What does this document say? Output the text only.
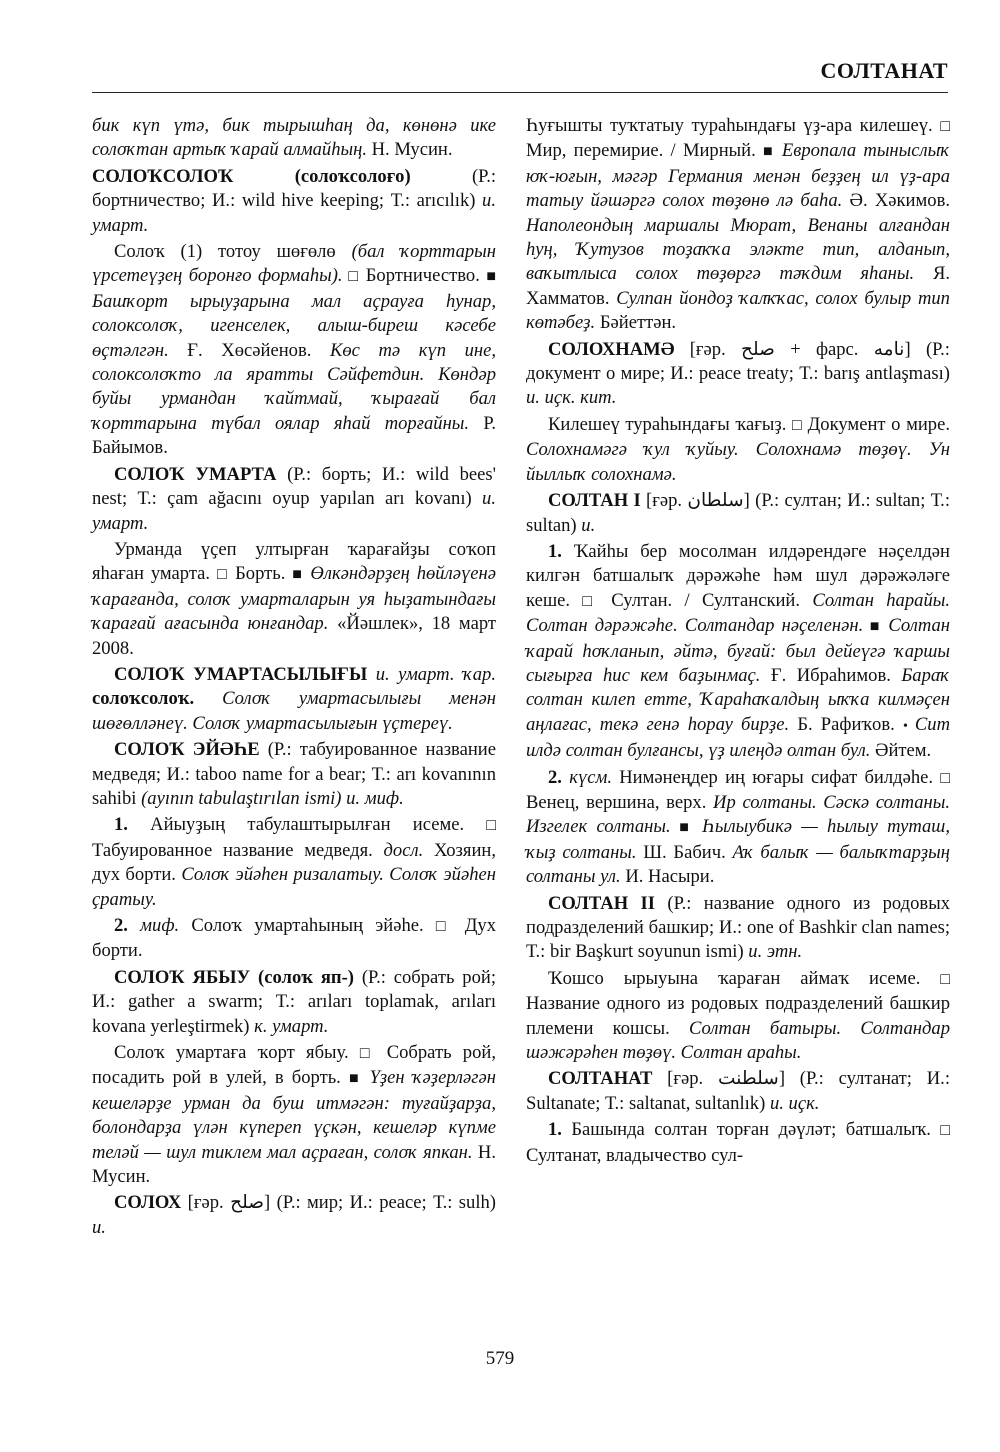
СОЛТАНАТ

бик күп үтә, бик тырышһаң да, көнөнә ике солоҡтан артыҡ ҡарай алмайһың. Н. Мусин.

СОЛОҠСОЛОҠ (солоҡсолоғо) (Р.: бортничество; И.: wild hive keeping; Т.: arıcılık) и. умарт.

Солоҡ (1) тотоу шөғөлө (бал ҡорттарын үрсетеүҙең боронғо формаһы). □ Бортничество. ■ Башҡорт ырыуҙарына мал аҫрауға һунар, солоксолоҡ, игенселек, алыш-биреш кәсебе өҫтәлгән. Ғ. Хөсәйенов. Көс тә күп ине, солоксолоҡто ла яратты Сәйфетдин. Көндәр буйы урмандан ҡайтмай, ҡырағай бал ҡорттарына түбал оялар яһай торғайны. Р. Байымов.

СОЛОҠ УМАРТА (Р.: борть; И.: wild bees' nest; Т.: çam ağacını oyup yapılan arı kovanı) и. умарт.

Урманда үҫеп ултырған ҡарағайҙы соҡоп яһаған умарта. □ Борть. ■ Өлкәндәрҙең һөйләүенә ҡарағанда, солоҡ умарталарын уя һыҙатындағы ҡарағай ағасында юнғандар. «Йәшлек», 18 март 2008.

СОЛОҠ УМАРТАСЫЛЫҒЫ и. умарт. ҡар. солоҡсолоҡ. Солоҡ умартасылығы менән шөғөлләнеү. Солоҡ умартасылығын үҫтереү.

СОЛОҠ ЭЙӘҺЕ (Р.: табуированное название медведя; И.: taboo name for a bear; Т.: arı kovanının sahibi (ayının tabulaştırılan ismi) и. миф.

1. Айыуҙың табулаштырылған исеме. □ Табуированное название медведя. досл. Хозяин, дух борти. Солоҡ эйәһен ризалатыу. Солоҡ эйәһен ҫратыу.

2. миф. Солоҡ умартаһының эйәһе. □ Дух борти.

СОЛОҠ ЯБЫУ (солоҡ яп-) (Р.: собрать рой; И.: gather a swarm; Т.: arıları toplamak, arıları kovana yerleştirmek) к. умарт.

Солоҡ умартаға ҡорт ябыу. □ Собрать рой, посадить рой в улей, в борть. ■ Үҙен ҡәҙерләгән кешеләрҙе урман да буш итмәгән: туғайҙарҙа, болондарҙа үлән күпереп үҫкән, кешеләр күпме теләй — шул тиклем мал аҫраған, солоҡ япкан. Н. Мусин.

СОЛОХ [ғәр. صلح] (Р.: мир; И.: peace; Т.: sulh) и.

Һуғышты туҡтатыу тураһындағы үҙ-ара килешеү. □ Мир, перемирие. / Мирный. ■ Европала тыныслыҡ юҡ-юғын, мәгәр Германия менән беҙҙең ил үҙ-ара татыу йәшәргә солох төҙөнө лә баһа. Ә. Хәкимов. Наполеондың маршалы Мюрат, Венаны алғандан һуң, Ҡутузов тоҙаҡҡа эләкте тип, алданып, ваҡытлыса солох төҙөргә тәҡдим яһаны. Я. Хамматов. Сулпан йондоҙ ҡалҡҡас, солох булыр тип көтәбеҙ. Бәйеттән.

СОЛОХНАМӘ [ғәр. صلح + фарс. نامه] (Р.: документ о мире; И.: peace treaty; Т.: barış antlaşması) и. иҫк. кит.

Килешеү тураһындағы ҡағыҙ. □ Документ о мире. Солохнамәгә ҡул ҡуйыу. Солохнамә төҙөү. Ун йыллыҡ солохнамә.

СОЛТАН I [ғәр. سلطان] (Р.: султан; И.: sultan; Т.: sultan) и.

1. Ҡайһы бер мосолман илдәрендәге нәҫелдән килгән батшалыҡ дәрәжәһе һәм шул дәрәжәләге кеше. □ Султан. / Султанский. Солтан һарайы. Солтан дәрәжәһе. Солтандар нәҫеленән. ■ Солтан ҡарай һоҡланып, әйтә, буғай: был дейеүгә ҡаршы сығырға һис кем баҙынмаҫ. Ғ. Ибраһимов. Бараҡ солтан килеп етте, Ҡараһаҡалдың ыҡҡа килмәҫен аңлағас, текә генә һорау бирҙе. Б. Рафиҡов. • Сит илдә солтан булғансы, үҙ илеңдә олтан бул. Әйтем.

2. күсм. Нимәнеңдер иң юғары сифат билдәһе. □ Венец, вершина, верх. Ир солтаны. Сәскә солтаны. Изгелек солтаны. ■ Һылыубикә — һылыу туташ, ҡыҙ солтаны. Ш. Бабич. Аҡ балыҡ — балыҡтарҙың солтаны ул. И. Насыри.

СОЛТАН II (Р.: название одного из родовых подразделений башкир; И.: one of Bashkir clan names; Т.: bir Başkurt soyunun ismi) и. этн.

Ҡошсо ырыуына ҡараған аймаҡ исеме. □ Название одного из родовых подразделений башкир племени кошсы. Солтан батыры. Солтандар шәжәрәһен төҙөү. Солтан араһы.

СОЛТАНАТ [ғәр. سلطنت] (Р.: султанат; И.: Sultanate; Т.: saltanat, sultanlık) и. иҫк.

1. Башында солтан торған дәүләт; батшалыҡ. □ Султанат, владычество сул-

579
